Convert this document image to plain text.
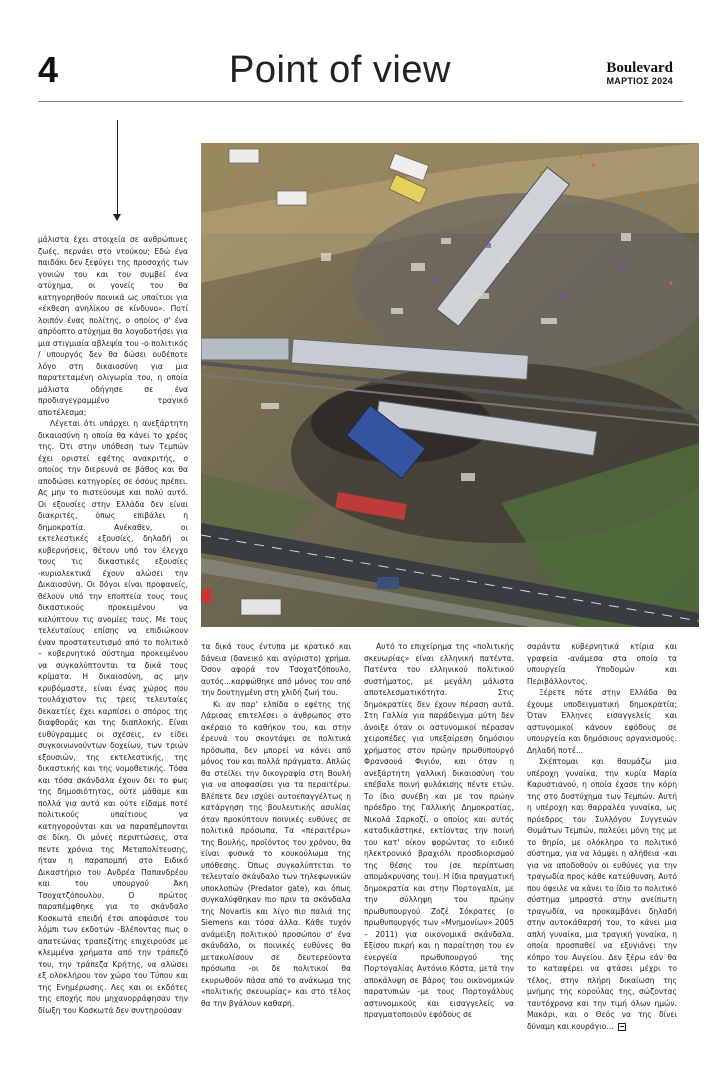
4	Point of view	Boulevard
ΜΑΡΤΙΟΣ 2024

μάλιστα έχει στοιχεία σε ανθρώπινες ζωές, περνάει στο ντούκου; Εδώ ένα παιδάκι δεν ξεφύγει της προσοχής των γονιών του και του συμβεί ένα ατύχημα, οι γονείς του θα κατηγορηθούν ποινικά ως υπαίτιοι για «έκθεση ανηλίκου σε κίνδυνο». Ποτί λοιπόν ένας πολίτης, ο οποίος σ' ένα απρόοπτο ατύχημα θα λογοδοτήσει για μια στιγμιαία αβλεψία του -ο πολιτικός / υπουργός δεν θα δώσει ουδέποτε λόγο στη δικαιοσύνη για μια παρατεταμένη ολιγωρία του, η οποία μάλιστα οδήγησε σε ένα προδιαγεγραμμένο τραγικό αποτέλεσμα;

Λέγεται ότι υπάρχει η ανεξάρτητη δικαιοσύνη η οποία θα κάνει το χρέος της. Ότι στην υπόθεση των Τεμπών έχει οριστεί εφέτης ανακριτής, ο οποίος την διερευνά σε βάθος και θα αποδώσει κατηγορίες σε όσους πρέπει. Ας μην το πιστεύουμε και πολύ αυτό. Οι εξουσίες στην Ελλάδα δεν είναι διακριτές, όπως επιβάλει η δημοκρατία. Ανέκαθεν, οι εκτελεστικές εξουσίες, δηλαδή οι κυβερνήσεις, θέτουν υπό τον έλεγχο τους τις δικαστικές εξουσίες -κυριολεκτικά έχουν αλώσει την Δικαιοσύνη. Οι δόγοι είναι προφανείς, θέλουν υπό την εποπτεία τους τους δικαστικούς προκειμένου να καλύπτουν τις ανομίες τους. Με τους τελευταίους επίσης να επιδιώκουν έναν προστατευτισμό από το πολιτικό – κυβερνητικό σύστημα προκειμένου να συγκαλύπτονται τα δικά τους κρίματα. Η δικαιοσύνη, ας μην κρυβόμαστε, είναι ένας χώρος που τουλάχιστον τις τρεις τελευταίες δεκαετίες έχει καρπίσει ο σπόρος της διαφθοράς και της διαπλοκής. Είναι ευθύγραμμες οι σχέσεις, εν είδει συγκοινωνούντων δοχείων, των τριών εξουσιών, της εκτελεστικής, της δικαστικής και της νομοθετικής. Τόσα και τόσα σκάνδαλα έχουν δει το φως της δημοσιότητας, ούτε μάθαμε και πολλά για αυτά και ούτε είδαμε ποτέ πολιτικούς υπαίτιους να κατηγορούνται και να παραπέμπονται σε δίκη. Οι μόνες περιπτώσεις, στα πεντε χρόνια της Μεταπολίτευσης, ήταν η παραπομπή στο Ειδικό Δικαστήριο του Ανδρέα Παπανδρέου και του υπουργού Άκη Τσοχατζόπουλου. Ο πρώτος παραπέμφθηκε για το σκάνδαλο Κοσκωτά επειδή έτσι αποφάσισε του λόμπι των εκδοτών -Βλέποντας πως ο απατεώνας τραπεζίτης επιχειρούσε με κλεμμένα χρήματα από την τράπεζό του, την τράπεζα Κρήτης, να αλώσει εξ ολοκλήρου τον χώρο του Τύπου και της Ενημέρωσης. Λες και οι εκδότες της εποχής που μηχανορράφησαν την δίωξη του Κοσκωτά δεν συντηρούσαν

τα δικά τους έντυπα με κρατικό και δάνεια (δανεικό και αγύριστο) χρήμα. Όσον αφορά τον Τσοχατζόπουλο, αυτός...καρφώθηκε από μόνος του από την δουτηγμένη στη χλιδή ζωή του.

Κι αν παρ' ελπίδα ο εφέτης της Λάρισας επιτελέσει ο άνθρωπος στο ακέραιο το καθήκον του, και στην έρευνά του σκοντάψει σε πολιτικά πρόσωπα, δεν μπορεί να κάνει από μόνος του και πολλά πράγματα. Απλώς θα στείλει την δικογραφία στη Βουλή για να αποφασίσει για τα περαιτέρω. Βλέπετε δεν ισχύει αυτοεπαγγέλτως η κατάργηση της βουλευτικής ασυλίας όταν προκύπτουν ποινικές ευθύνες σε πολιτικά πρόσωπα. Τα «περαιτέρω» της Βουλής, προϊόντος του χρόνου, θα είναι φυσικά το κουκούλωμα της υπόθεσης. Όπως συγκαλύπτεται το τελευταίο σκάνδαλο των τηλεφωνικών υποκλοπών (Predator gate), και όπως συγκαλύφθηκαν πιο πριν τα σκάνδαλα της Novartis και λίγο πιο παλιά της Siemens και τόσα άλλα. Κάθε τυχόν ανάμειξη πολιτικού προσώπου σ' ένα σκάνδαλο, οι ποινικές ευθύνες θα μετακυλίσουν σε δευτερεύοντα πρόσωπα -οι δε πολιτικοί θα εκυρωθούν πάσα από το ανάκωμα της «πολιτικής σκευωρίας» και στο τέλος θα την βγάλουν καθαρή.

Αυτό το επιχείρημα της «πολιτικής σκευωρίας» είναι ελληνική πατέντα. Πατέντα του ελληνικού πολιτικού συστήματος, με μεγάλη μάλιστα αποτελεσματικότητα. Στις δημοκρατίες δεν έχουν πέραση αυτά. Στη Γαλλία για παράδειγμα μύτη δεν άνοιξε όταν οι αστυνομικοί πέρασαν χειροπέδες για υπεξαίρεση δημόσιου χρήματος στον πρώην πρωθυπουργό Φρανσουά Φιγιόν, και όταν η ανεξάρτητη γαλλική δικαιοσύνη του επέβαλε ποινή φυλάκισης πέντε ετών. Το ίδιο συνέβη και με τον πρώην πρόεδρο της Γαλλικής Δημοκρατίας, Νικολά Σαρκοζί, ο οποίος και αυτός καταδικάστηκε, εκτίοντας την ποινή του κατ' οίκον φορώντας το ειδικό ηλεκτρονικό βραχιόλι προσδιορισμού της θέσης του (σε περίπτωση απομάκρυνσης του). Η ίδια πραγματική δημοκρατία και στην Πορτογαλία, με την σύλληψη του πρώην πρωθυπουργού Ζοζέ Σόκρατες (ο πρωθυπουργός των «Μνημονίων» 2005 – 2011) για οικονομικά σκάνδαλα. Εξίσου πικρή και η παραίτηση του εν ενεργεία πρωθυπουργού της Πορτογαλίας Αντόνιο Κόστα, μετά την αποκάλυψη σε βάρος του οικονομικών παρατυπιών -με τους Πορτογάλους αστυνομικούς και εισαγγελείς να πραγματοποιούν εφόδους σε

σαράντα κυβερνητικά κτίρια και γραφεία -ανάμεσα στα οποία τα υπουργεία Υποδομών και Περιβάλλοντος.

Ξέρετε πότε στην Ελλάδα θα έχουμε υποδειγματική δημοκρατία; Όταν Έλληνες εισαγγελείς και αστυνομικοί κάνουν εφόδους σε υπουργεία και δημόσιους οργανισμούς. Δηλαδή ποτέ...

Σκέπτομαι και θαυμάζω μια υπέροχη γυναίκα, την κυρία Μαρία Καρυστιανού, η οποία έχασε την κόρη της στο δυστύχημα των Τεμπών. Αυτή η υπέροχη και θαρραλέα γυναίκα, ως πρόεδρος του Συλλόγου Συγγενών Θυμάτων Τεμπών, παλεύει μόνη της με το θηρίο, με ολόκληρο το πολιτικό σύστημα, για να λάμψει η αλήθεια -και για να αποδοθούν οι ευθύνες για την τραγωδία προς κάθε κατεύθυνση. Αυτό που όφειλε να κάνει το ίδιο το πολιτικό σύστημα μπροστά στην ανείπωτη τραγωδία, να προκαμβάνει δηλαδή στην αυτοκάθαρσή του, το κάνει μια απλή γυναίκα, μια τραγική γυναίκα, η οποία προσπαθεί να εξυγιάνει την κόπρο του Αυγείου. Δεν ξέρω εάν θα το καταφέρει να φτάσει μέχρι το τέλος, στην πλήρη δικαίωση της μνήμης της κορούλας της, σώζοντας ταυτόχρονα και την τιμή όλων ημών. Μακάρι, και ο Θεός να της δίνει δύναμη και κουράγιο...
